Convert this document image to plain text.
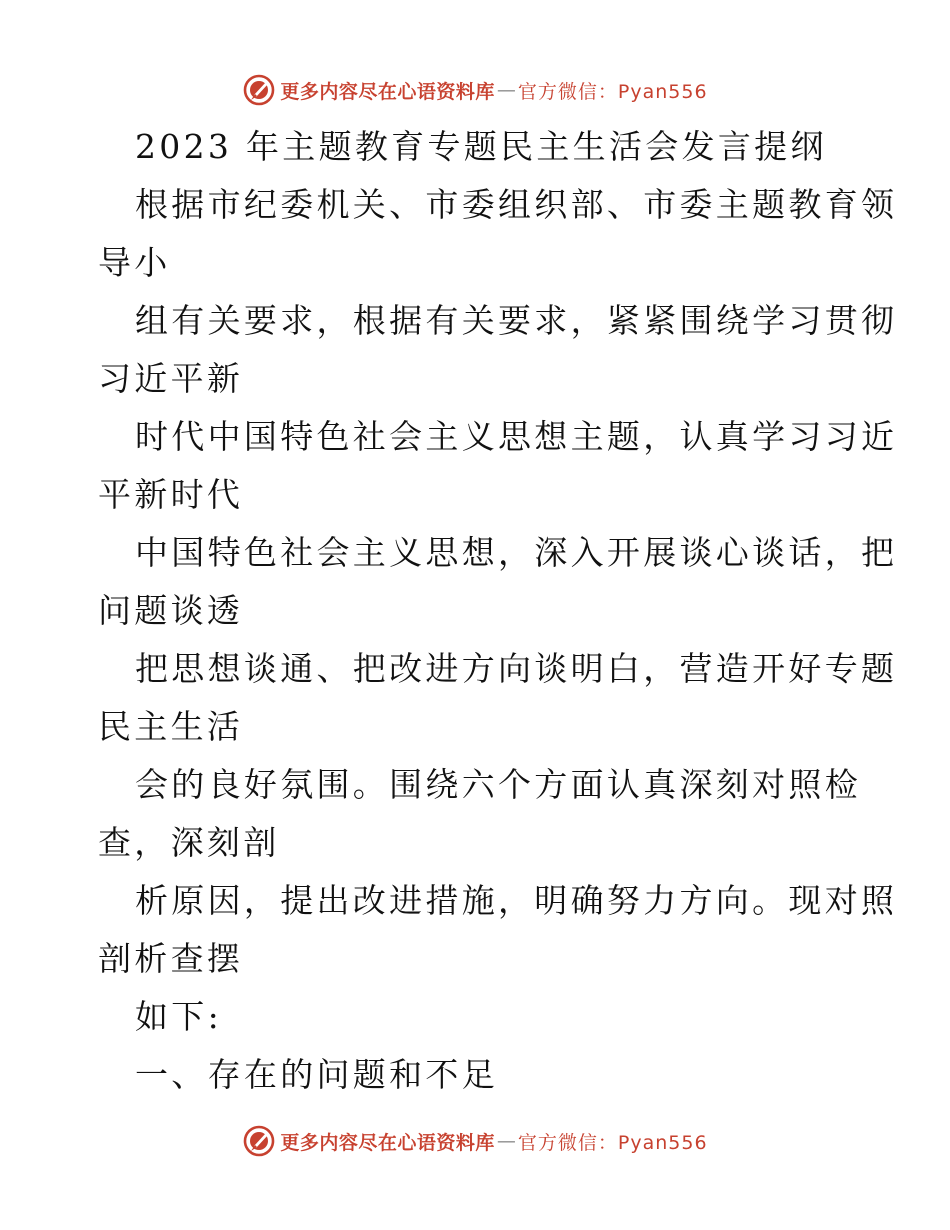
更多内容尽在心语资料库 — 官方微信：Pyan556
2023 年主题教育专题民主生活会发言提纲
根据市纪委机关、市委组织部、市委主题教育领
导小
组有关要求，根据有关要求，紧紧围绕学习贯彻
习近平新
时代中国特色社会主义思想主题，认真学习习近
平新时代
中国特色社会主义思想，深入开展谈心谈话，把
问题谈透
把思想谈通、把改进方向谈明白，营造开好专题
民主生活
会的良好氛围。围绕六个方面认真深刻对照检
查，深刻剖
析原因，提出改进措施，明确努力方向。现对照
剖析查摆
如下:
一、存在的问题和不足
更多内容尽在心语资料库 — 官方微信：Pyan556
